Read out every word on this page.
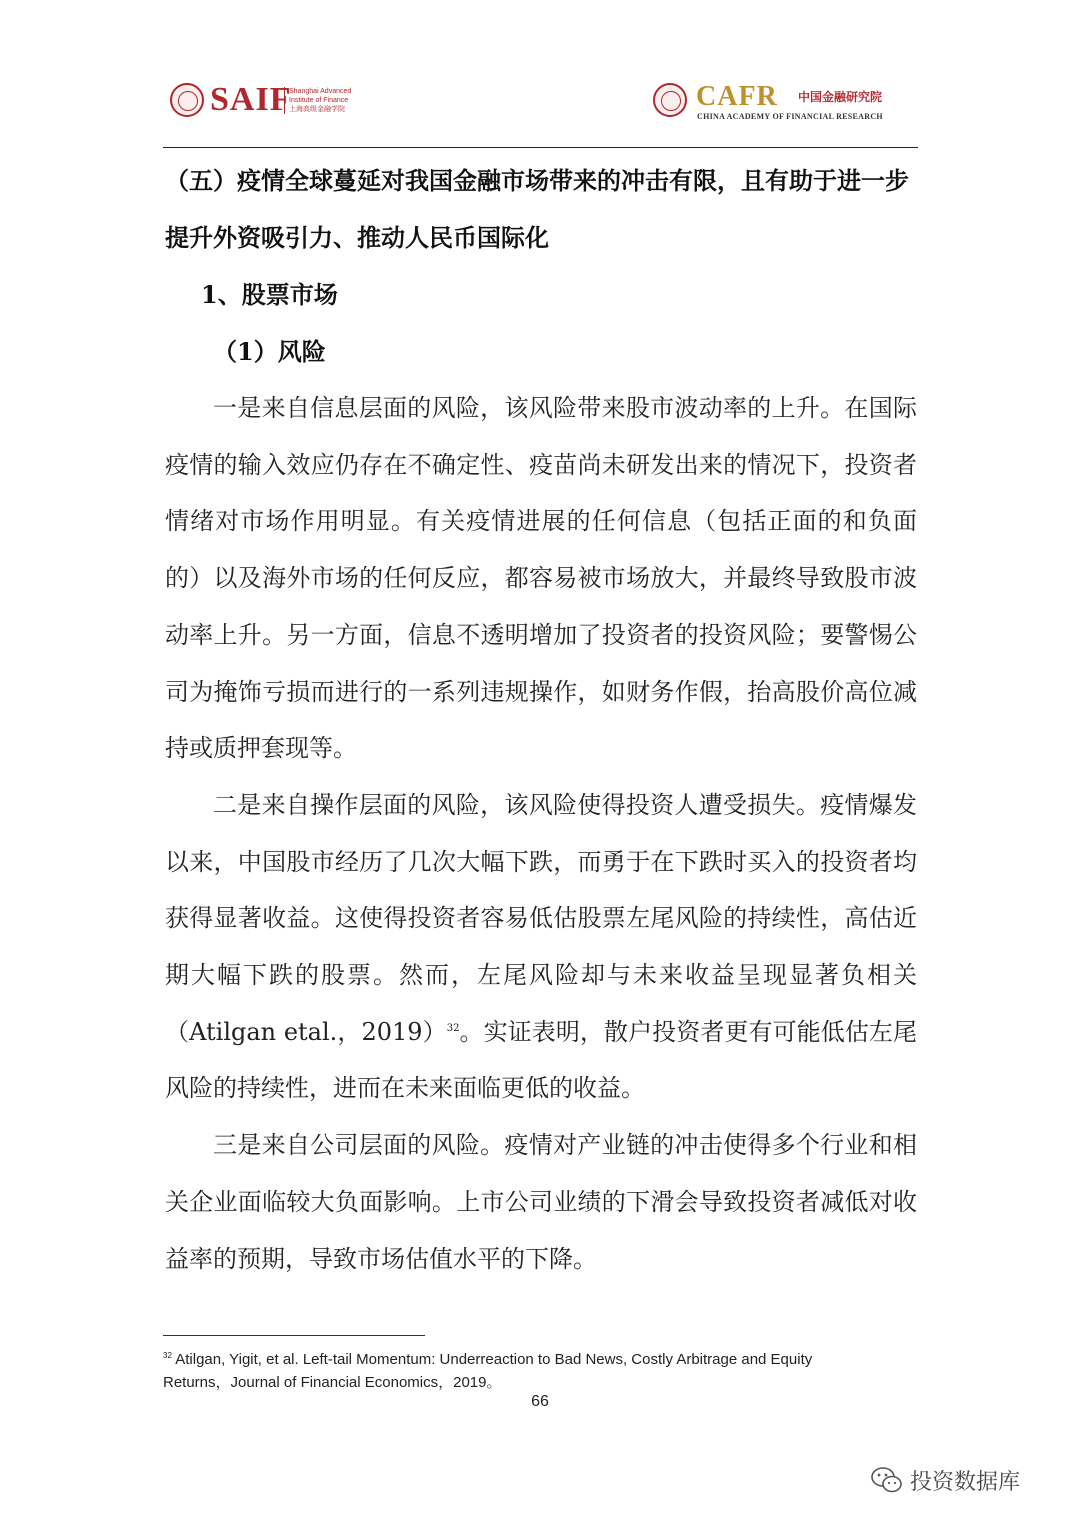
SAIF
Shanghai Advanced
Institute of Finance
上海高级金融学院	CAFR 中国金融研究院
CHINA ACADEMY OF FINANCIAL RESEARCH

（五）疫情全球蔓延对我国金融市场带来的冲击有限，且有助于进一步提升外资吸引力、推动人民币国际化

1、股票市场

（1）风险

一是来自信息层面的风险，该风险带来股市波动率的上升。在国际疫情的输入效应仍存在不确定性、疫苗尚未研发出来的情况下，投资者情绪对市场作用明显。有关疫情进展的任何信息（包括正面的和负面的）以及海外市场的任何反应，都容易被市场放大，并最终导致股市波动率上升。另一方面，信息不透明增加了投资者的投资风险；要警惕公司为掩饰亏损而进行的一系列违规操作，如财务作假，抬高股价高位减持或质押套现等。

二是来自操作层面的风险，该风险使得投资人遭受损失。疫情爆发以来，中国股市经历了几次大幅下跌，而勇于在下跌时买入的投资者均获得显著收益。这使得投资者容易低估股票左尾风险的持续性，高估近期大幅下跌的股票。然而，左尾风险却与未来收益呈现显著负相关（Atilgan etal.，2019）$^{32}$。实证表明，散户投资者更有可能低估左尾风险的持续性，进而在未来面临更低的收益。

三是来自公司层面的风险。疫情对产业链的冲击使得多个行业和相关企业面临较大负面影响。上市公司业绩的下滑会导致投资者减低对收益率的预期，导致市场估值水平的下降。

$^{32}$ Atilgan, Yigit, et al. Left-tail Momentum: Underreaction to Bad News, Costly Arbitrage and Equity Returns，Journal of Financial Economics，2019。
66
投资数据库
